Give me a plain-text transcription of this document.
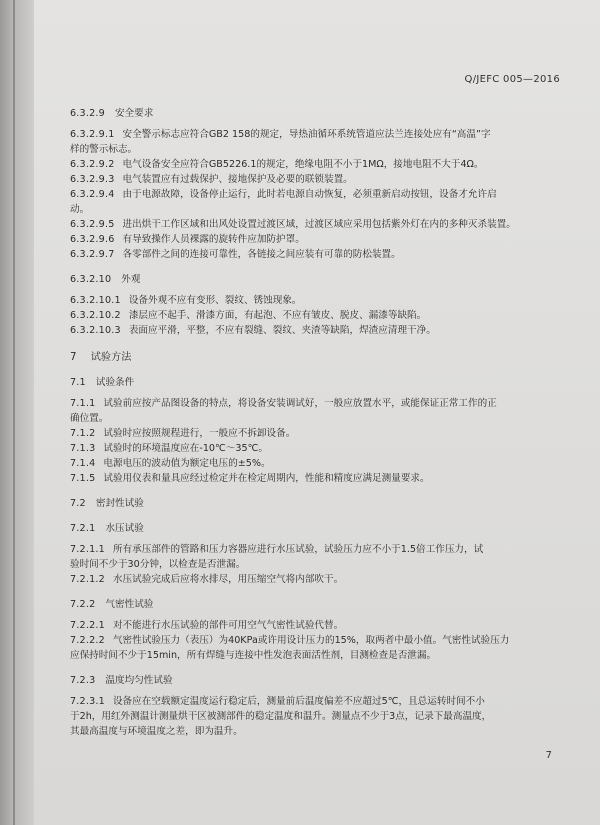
Q/JEFC 005—2016
6.3.2.9 安全要求
6.3.2.9.1 安全警示标志应符合GB2 158的规定，导热油循环系统管道应法兰连接处应有“高温”字
样的警示标志。
6.3.2.9.2 电气设备安全应符合GB5226.1的规定，绝缘电阻不小于1MΩ，接地电阻不大于4Ω。
6.3.2.9.3 电气装置应有过载保护、接地保护及必要的联锁装置。
6.3.2.9.4 由于电源故障，设备停止运行，此时若电源自动恢复，必须重新启动按钮，设备才允许启
动。
6.3.2.9.5 进出烘干工作区域和出风处设置过渡区域，过渡区域应采用包括紫外灯在内的多种灭杀装置。
6.3.2.9.6 有导致操作人员裸露的旋转件应加防护罩。
6.3.2.9.7 各零部件之间的连接可靠性，各链接之间应装有可靠的防松装置。
6.3.2.10 外观
6.3.2.10.1 设备外观不应有变形、裂纹、锈蚀现象。
6.3.2.10.2 漆层应不起手、滑漆方面，有起泡、不应有皱皮、脱皮、漏漆等缺陷。
6.3.2.10.3 表面应平滑，平整，不应有裂缝、裂纹、夹渣等缺陷，焊渣应清理干净。
7 试验方法
7.1 试验条件
7.1.1 试验前应按产品图设备的特点，将设备安装调试好，一般应放置水平，或能保证正常工作的正
确位置。
7.1.2 试验时应按照规程进行，一般应不拆卸设备。
7.1.3 试验时的环境温度应在-10℃～35℃。
7.1.4 电源电压的波动值为额定电压的±5%。
7.1.5 试验用仪表和量具应经过检定并在检定周期内，性能和精度应满足测量要求。
7.2 密封性试验
7.2.1 水压试验
7.2.1.1 所有承压部件的管路和压力容器应进行水压试验，试验压力应不小于1.5倍工作压力，试
验时间不少于30分钟，以检查是否泄漏。
7.2.1.2 水压试验完成后应将水排尽，用压缩空气将内部吹干。
7.2.2 气密性试验
7.2.2.1 对不能进行水压试验的部件可用空气气密性试验代替。
7.2.2.2 气密性试验压力（表压）为40KPa或许用设计压力的15%，取两者中最小值。气密性试验压力
应保持时间不少于15min，所有焊缝与连接中性发泡表面活性剂，目测检查是否泄漏。
7.2.3 温度均匀性试验
7.2.3.1 设备应在空载额定温度运行稳定后，测量前后温度偏差不应超过5℃，且总运转时间不小
于2h，用红外测温计测量烘干区被测部件的稳定温度和温升。测量点不少于3点，记录下最高温度，
其最高温度与环境温度之差，即为温升。
7
